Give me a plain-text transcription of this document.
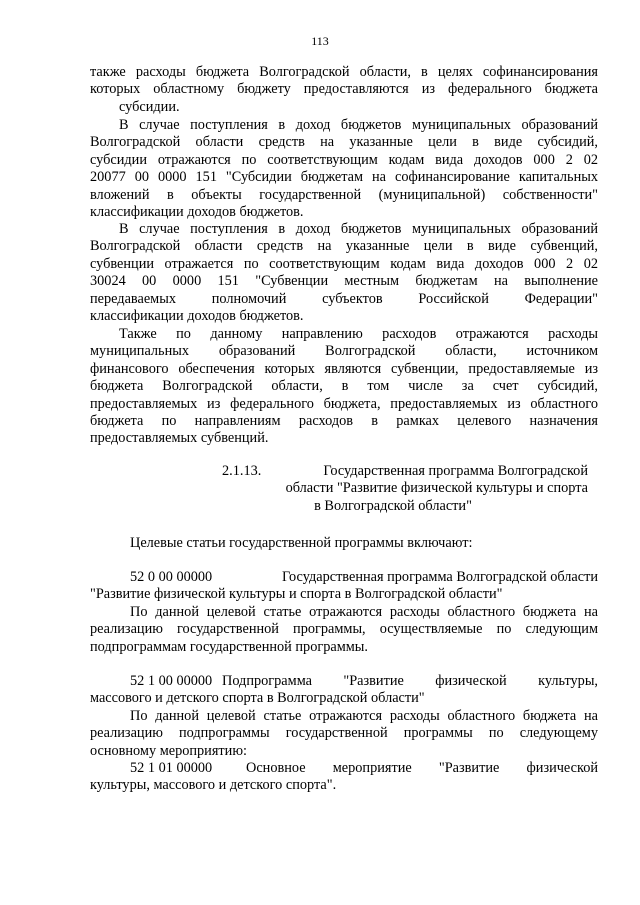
113

также расходы бюджета Волгоградской области, в целях софинансирования

которых областному бюджету предоставляются из федерального бюджета

субсидии.

В случае поступления в доход бюджетов муниципальных образований

Волгоградской области средств на указанные цели в виде субсидий,

субсидии отражаются по соответствующим кодам вида доходов 000 2 02

20077 00 0000 151 "Субсидии бюджетам на софинансирование капитальных

вложений в объекты государственной (муниципальной) собственности"

классификации доходов бюджетов.

В случае поступления в доход бюджетов муниципальных образований

Волгоградской области средств на указанные цели в виде субвенций,

субвенции отражается по соответствующим кодам вида доходов 000 2 02

30024 00 0000 151 "Субвенции местным бюджетам на выполнение

передаваемых полномочий субъектов Российской Федерации"

классификации доходов бюджетов.

Также по данному направлению расходов отражаются расходы

муниципальных образований Волгоградской области, источником

финансового обеспечения которых являются субвенции, предоставляемые из

бюджета Волгоградской области, в том числе за счет субсидий,

предоставляемых из федерального бюджета, предоставляемых из областного

бюджета по направлениям расходов в рамках целевого назначения

предоставляемых субвенций.

2.1.13.	Государственная программа Волгоградской

области "Развитие физической культуры и спорта

в Волгоградской области"

Целевые статьи государственной программы включают:

52 0 00 00000	Государственная программа Волгоградской области

"Развитие физической культуры и спорта в Волгоградской области"

По данной целевой статье отражаются расходы областного бюджета на

реализацию государственной программы, осуществляемые по следующим

подпрограммам государственной программы.

52 1 00 00000 Подпрограмма "Развитие физической культуры,

массового и детского спорта в Волгоградской области"

По данной целевой статье отражаются расходы областного бюджета на

реализацию подпрограммы государственной программы по следующему

основному мероприятию:

52 1 01 00000 Основное мероприятие "Развитие физической

культуры, массового и детского спорта".
